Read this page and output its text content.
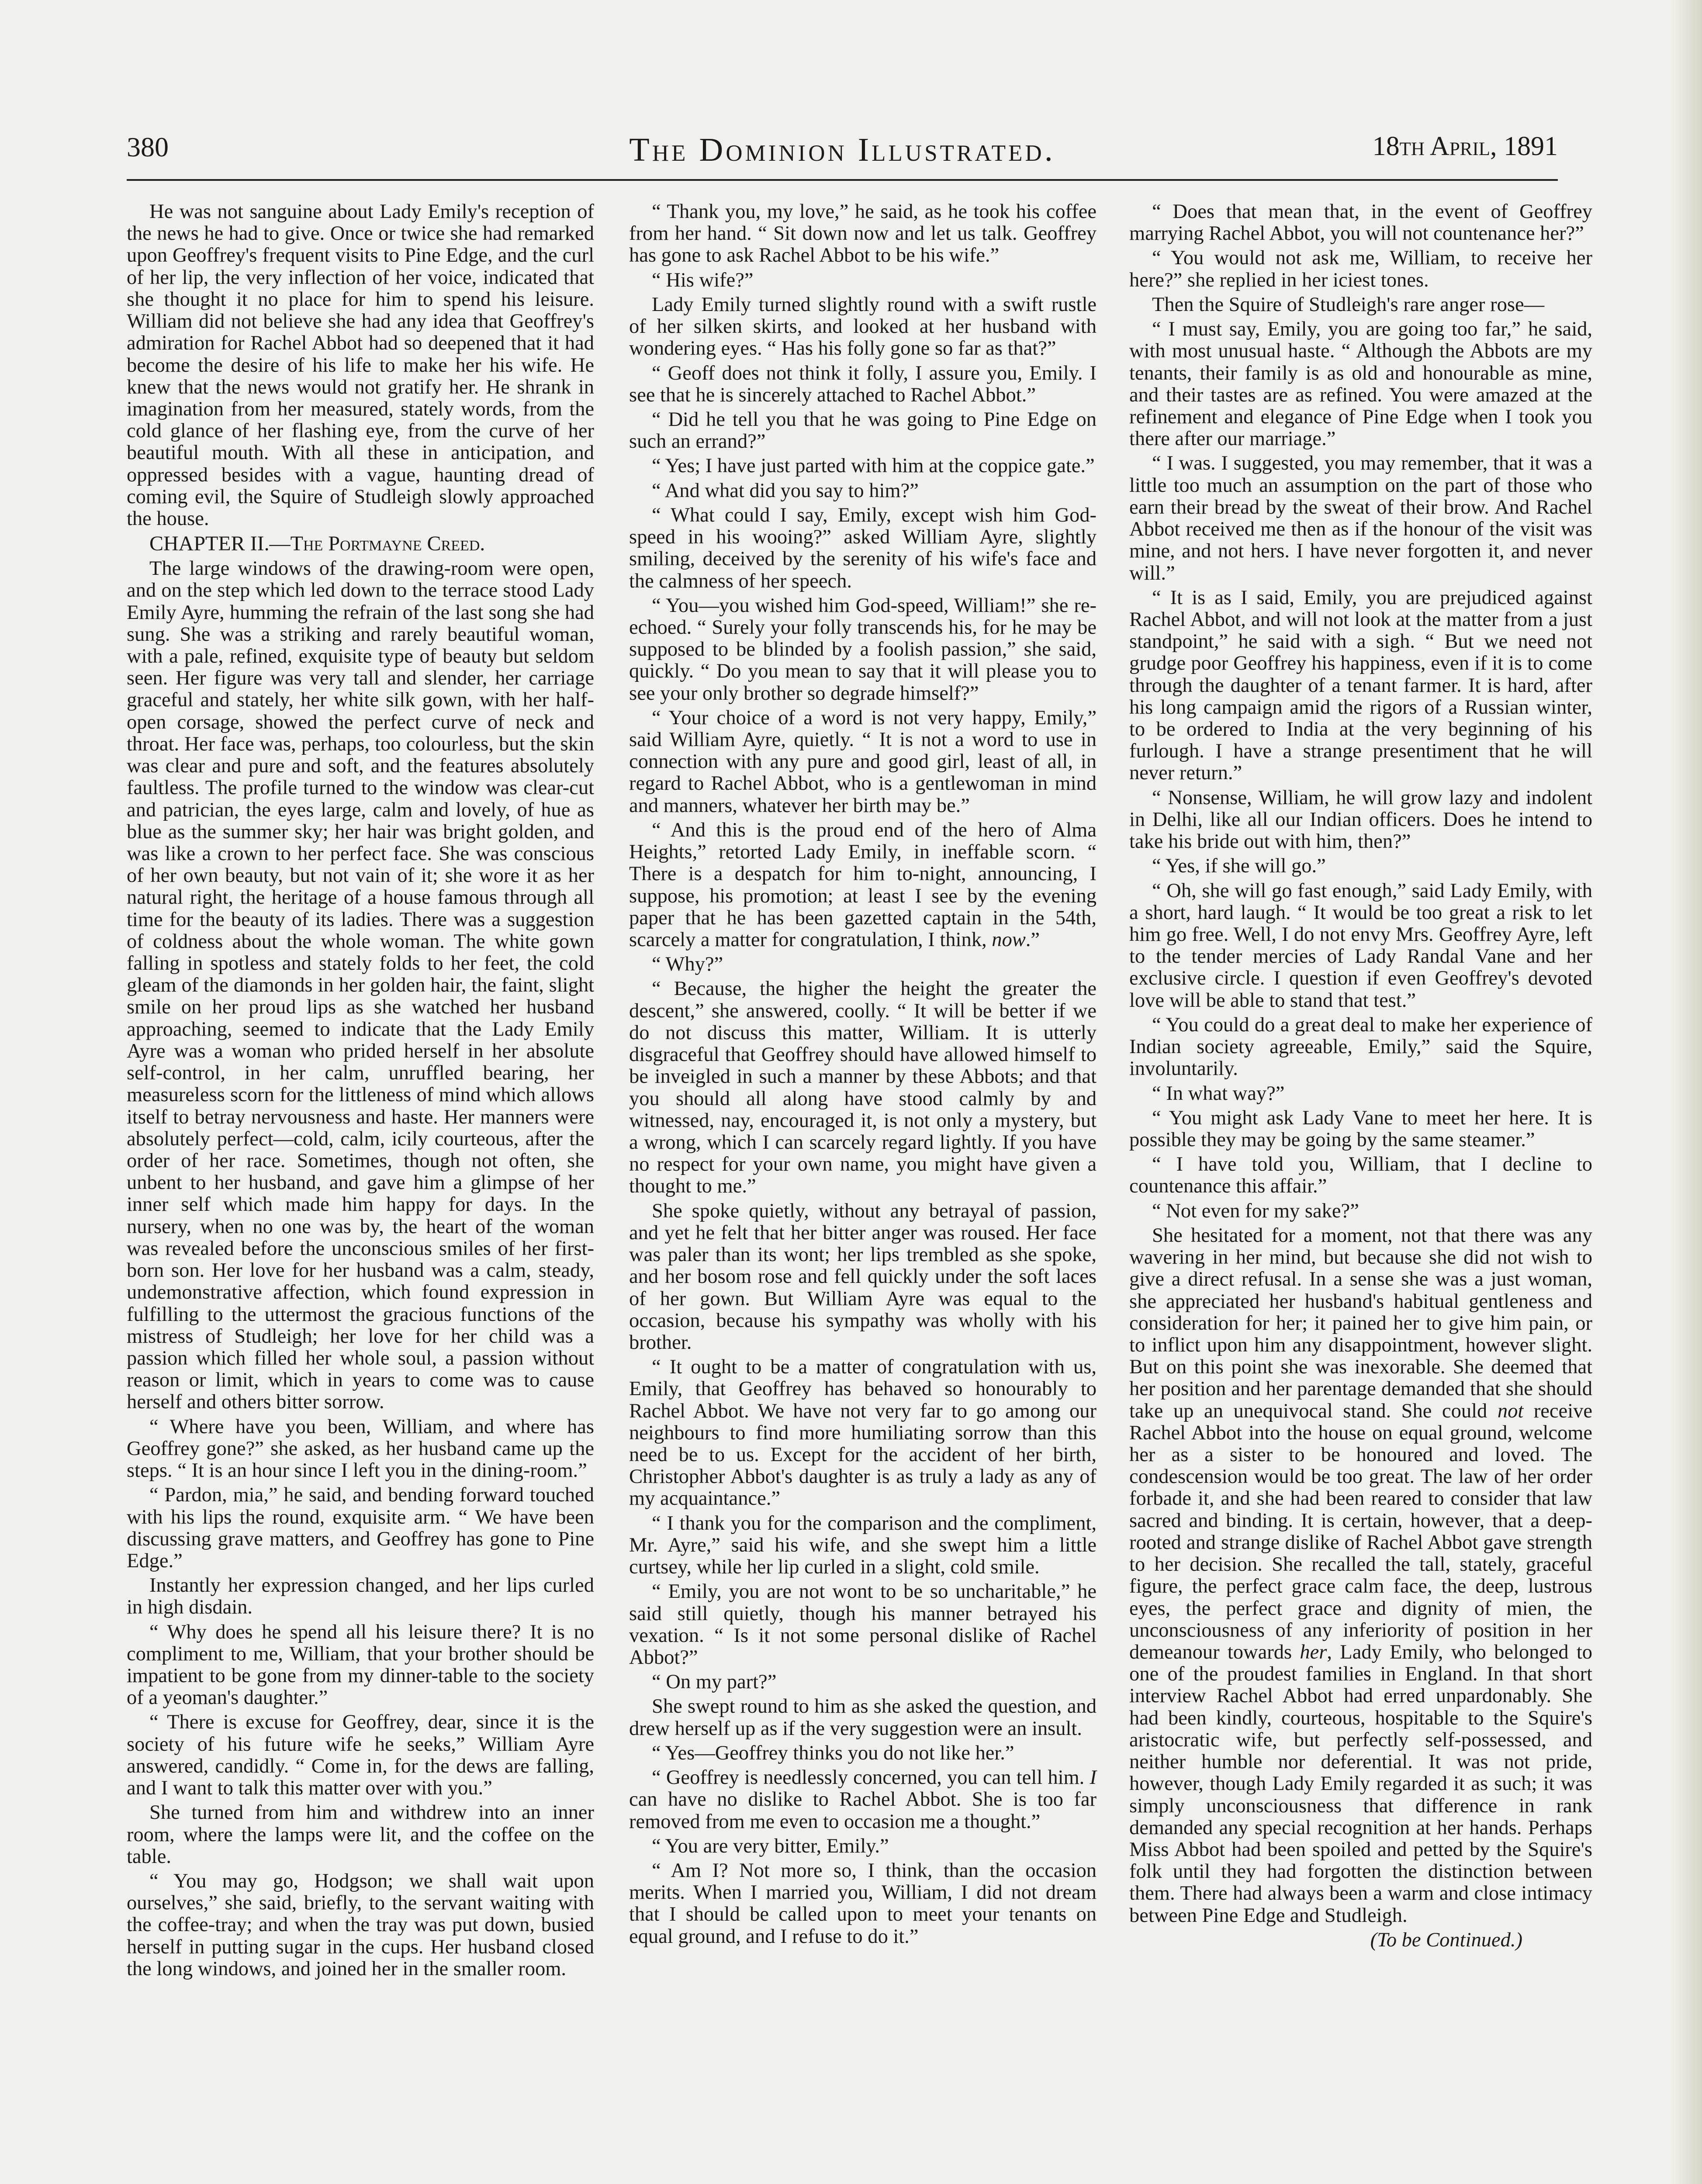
380	The Dominion Illustrated.	18th April, 1891

He was not sanguine about Lady Emily's reception of the news he had to give. Once or twice she had remarked upon Geoffrey's frequent visits to Pine Edge, and the curl of her lip, the very inflection of her voice, indicated that she thought it no place for him to spend his leisure. William did not believe she had any idea that Geoffrey's admiration for Rachel Abbot had so deepened that it had become the desire of his life to make her his wife. He knew that the news would not gratify her. He shrank in imagination from her measured, stately words, from the cold glance of her flashing eye, from the curve of her beautiful mouth. With all these in anticipation, and oppressed besides with a vague, haunting dread of coming evil, the Squire of Studleigh slowly approached the house.

CHAPTER II.—The Portmayne Creed.

The large windows of the drawing-room were open, and on the step which led down to the terrace stood Lady Emily Ayre, humming the refrain of the last song she had sung. She was a striking and rarely beautiful woman, with a pale, refined, exquisite type of beauty but seldom seen. Her figure was very tall and slender, her carriage graceful and stately, her white silk gown, with her half-open corsage, showed the perfect curve of neck and throat. Her face was, perhaps, too colourless, but the skin was clear and pure and soft, and the features absolutely faultless. The profile turned to the window was clear-cut and patrician, the eyes large, calm and lovely, of hue as blue as the summer sky; her hair was bright golden, and was like a crown to her perfect face. She was conscious of her own beauty, but not vain of it; she wore it as her natural right, the heritage of a house famous through all time for the beauty of its ladies. There was a suggestion of coldness about the whole woman. The white gown falling in spotless and stately folds to her feet, the cold gleam of the diamonds in her golden hair, the faint, slight smile on her proud lips as she watched her husband approaching, seemed to indicate that the Lady Emily Ayre was a woman who prided herself in her absolute self-control, in her calm, unruffled bearing, her measureless scorn for the littleness of mind which allows itself to betray nervousness and haste. Her manners were absolutely perfect—cold, calm, icily courteous, after the order of her race. Sometimes, though not often, she unbent to her husband, and gave him a glimpse of her inner self which made him happy for days. In the nursery, when no one was by, the heart of the woman was revealed before the unconscious smiles of her first-born son. Her love for her husband was a calm, steady, undemonstrative affection, which found expression in fulfilling to the uttermost the gracious functions of the mistress of Studleigh; her love for her child was a passion which filled her whole soul, a passion without reason or limit, which in years to come was to cause herself and others bitter sorrow.

“ Where have you been, William, and where has Geoffrey gone?” she asked, as her husband came up the steps. “ It is an hour since I left you in the dining-room.”

“ Pardon, mia,” he said, and bending forward touched with his lips the round, exquisite arm. “ We have been discussing grave matters, and Geoffrey has gone to Pine Edge.”

Instantly her expression changed, and her lips curled in high disdain.

“ Why does he spend all his leisure there? It is no compliment to me, William, that your brother should be impatient to be gone from my dinner-table to the society of a yeoman's daughter.”

“ There is excuse for Geoffrey, dear, since it is the society of his future wife he seeks,” William Ayre answered, candidly. “ Come in, for the dews are falling, and I want to talk this matter over with you.”

She turned from him and withdrew into an inner room, where the lamps were lit, and the coffee on the table.

“ You may go, Hodgson; we shall wait upon ourselves,” she said, briefly, to the servant waiting with the coffee-tray; and when the tray was put down, busied herself in putting sugar in the cups. Her husband closed the long windows, and joined her in the smaller room.

“ Thank you, my love,” he said, as he took his coffee from her hand. “ Sit down now and let us talk. Geoffrey has gone to ask Rachel Abbot to be his wife.”

“ His wife?”

Lady Emily turned slightly round with a swift rustle of her silken skirts, and looked at her husband with wondering eyes. “ Has his folly gone so far as that?”

“ Geoff does not think it folly, I assure you, Emily. I see that he is sincerely attached to Rachel Abbot.”

“ Did he tell you that he was going to Pine Edge on such an errand?”

“ Yes; I have just parted with him at the coppice gate.”

“ And what did you say to him?”

“ What could I say, Emily, except wish him God-speed in his wooing?” asked William Ayre, slightly smiling, deceived by the serenity of his wife's face and the calmness of her speech.

“ You—you wished him God-speed, William!” she re-echoed. “ Surely your folly transcends his, for he may be supposed to be blinded by a foolish passion,” she said, quickly. “ Do you mean to say that it will please you to see your only brother so degrade himself?”

“ Your choice of a word is not very happy, Emily,” said William Ayre, quietly. “ It is not a word to use in connection with any pure and good girl, least of all, in regard to Rachel Abbot, who is a gentlewoman in mind and manners, whatever her birth may be.”

“ And this is the proud end of the hero of Alma Heights,” retorted Lady Emily, in ineffable scorn. “ There is a despatch for him to-night, announcing, I suppose, his promotion; at least I see by the evening paper that he has been gazetted captain in the 54th, scarcely a matter for congratulation, I think, now.”

“ Why?”

“ Because, the higher the height the greater the descent,” she answered, coolly. “ It will be better if we do not discuss this matter, William. It is utterly disgraceful that Geoffrey should have allowed himself to be inveigled in such a manner by these Abbots; and that you should all along have stood calmly by and witnessed, nay, encouraged it, is not only a mystery, but a wrong, which I can scarcely regard lightly. If you have no respect for your own name, you might have given a thought to me.”

She spoke quietly, without any betrayal of passion, and yet he felt that her bitter anger was roused. Her face was paler than its wont; her lips trembled as she spoke, and her bosom rose and fell quickly under the soft laces of her gown. But William Ayre was equal to the occasion, because his sympathy was wholly with his brother.

“ It ought to be a matter of congratulation with us, Emily, that Geoffrey has behaved so honourably to Rachel Abbot. We have not very far to go among our neighbours to find more humiliating sorrow than this need be to us. Except for the accident of her birth, Christopher Abbot's daughter is as truly a lady as any of my acquaintance.”

“ I thank you for the comparison and the compliment, Mr. Ayre,” said his wife, and she swept him a little curtsey, while her lip curled in a slight, cold smile.

“ Emily, you are not wont to be so uncharitable,” he said still quietly, though his manner betrayed his vexation. “ Is it not some personal dislike of Rachel Abbot?”

“ On my part?”

She swept round to him as she asked the question, and drew herself up as if the very suggestion were an insult.

“ Yes—Geoffrey thinks you do not like her.”

“ Geoffrey is needlessly concerned, you can tell him. I can have no dislike to Rachel Abbot. She is too far removed from me even to occasion me a thought.”

“ You are very bitter, Emily.”

“ Am I? Not more so, I think, than the occasion merits. When I married you, William, I did not dream that I should be called upon to meet your tenants on equal ground, and I refuse to do it.”

“ Does that mean that, in the event of Geoffrey marrying Rachel Abbot, you will not countenance her?”

“ You would not ask me, William, to receive her here?” she replied in her iciest tones.

Then the Squire of Studleigh's rare anger rose—

“ I must say, Emily, you are going too far,” he said, with most unusual haste. “ Although the Abbots are my tenants, their family is as old and honourable as mine, and their tastes are as refined. You were amazed at the refinement and elegance of Pine Edge when I took you there after our marriage.”

“ I was. I suggested, you may remember, that it was a little too much an assumption on the part of those who earn their bread by the sweat of their brow. And Rachel Abbot received me then as if the honour of the visit was mine, and not hers. I have never forgotten it, and never will.”

“ It is as I said, Emily, you are prejudiced against Rachel Abbot, and will not look at the matter from a just standpoint,” he said with a sigh. “ But we need not grudge poor Geoffrey his happiness, even if it is to come through the daughter of a tenant farmer. It is hard, after his long campaign amid the rigors of a Russian winter, to be ordered to India at the very beginning of his furlough. I have a strange presentiment that he will never return.”

“ Nonsense, William, he will grow lazy and indolent in Delhi, like all our Indian officers. Does he intend to take his bride out with him, then?”

“ Yes, if she will go.”

“ Oh, she will go fast enough,” said Lady Emily, with a short, hard laugh. “ It would be too great a risk to let him go free. Well, I do not envy Mrs. Geoffrey Ayre, left to the tender mercies of Lady Randal Vane and her exclusive circle. I question if even Geoffrey's devoted love will be able to stand that test.”

“ You could do a great deal to make her experience of Indian society agreeable, Emily,” said the Squire, involuntarily.

“ In what way?”

“ You might ask Lady Vane to meet her here. It is possible they may be going by the same steamer.”

“ I have told you, William, that I decline to countenance this affair.”

“ Not even for my sake?”

She hesitated for a moment, not that there was any wavering in her mind, but because she did not wish to give a direct refusal. In a sense she was a just woman, she appreciated her husband's habitual gentleness and consideration for her; it pained her to give him pain, or to inflict upon him any disappointment, however slight. But on this point she was inexorable. She deemed that her position and her parentage demanded that she should take up an unequivocal stand. She could not receive Rachel Abbot into the house on equal ground, welcome her as a sister to be honoured and loved. The condescension would be too great. The law of her order forbade it, and she had been reared to consider that law sacred and binding. It is certain, however, that a deep-rooted and strange dislike of Rachel Abbot gave strength to her decision. She recalled the tall, stately, graceful figure, the perfect grace calm face, the deep, lustrous eyes, the perfect grace and dignity of mien, the unconsciousness of any inferiority of position in her demeanour towards her, Lady Emily, who belonged to one of the proudest families in England. In that short interview Rachel Abbot had erred unpardonably. She had been kindly, courteous, hospitable to the Squire's aristocratic wife, but perfectly self-possessed, and neither humble nor deferential. It was not pride, however, though Lady Emily regarded it as such; it was simply unconsciousness that difference in rank demanded any special recognition at her hands. Perhaps Miss Abbot had been spoiled and petted by the Squire's folk until they had forgotten the distinction between them. There had always been a warm and close intimacy between Pine Edge and Studleigh.

(To be Continued.)
